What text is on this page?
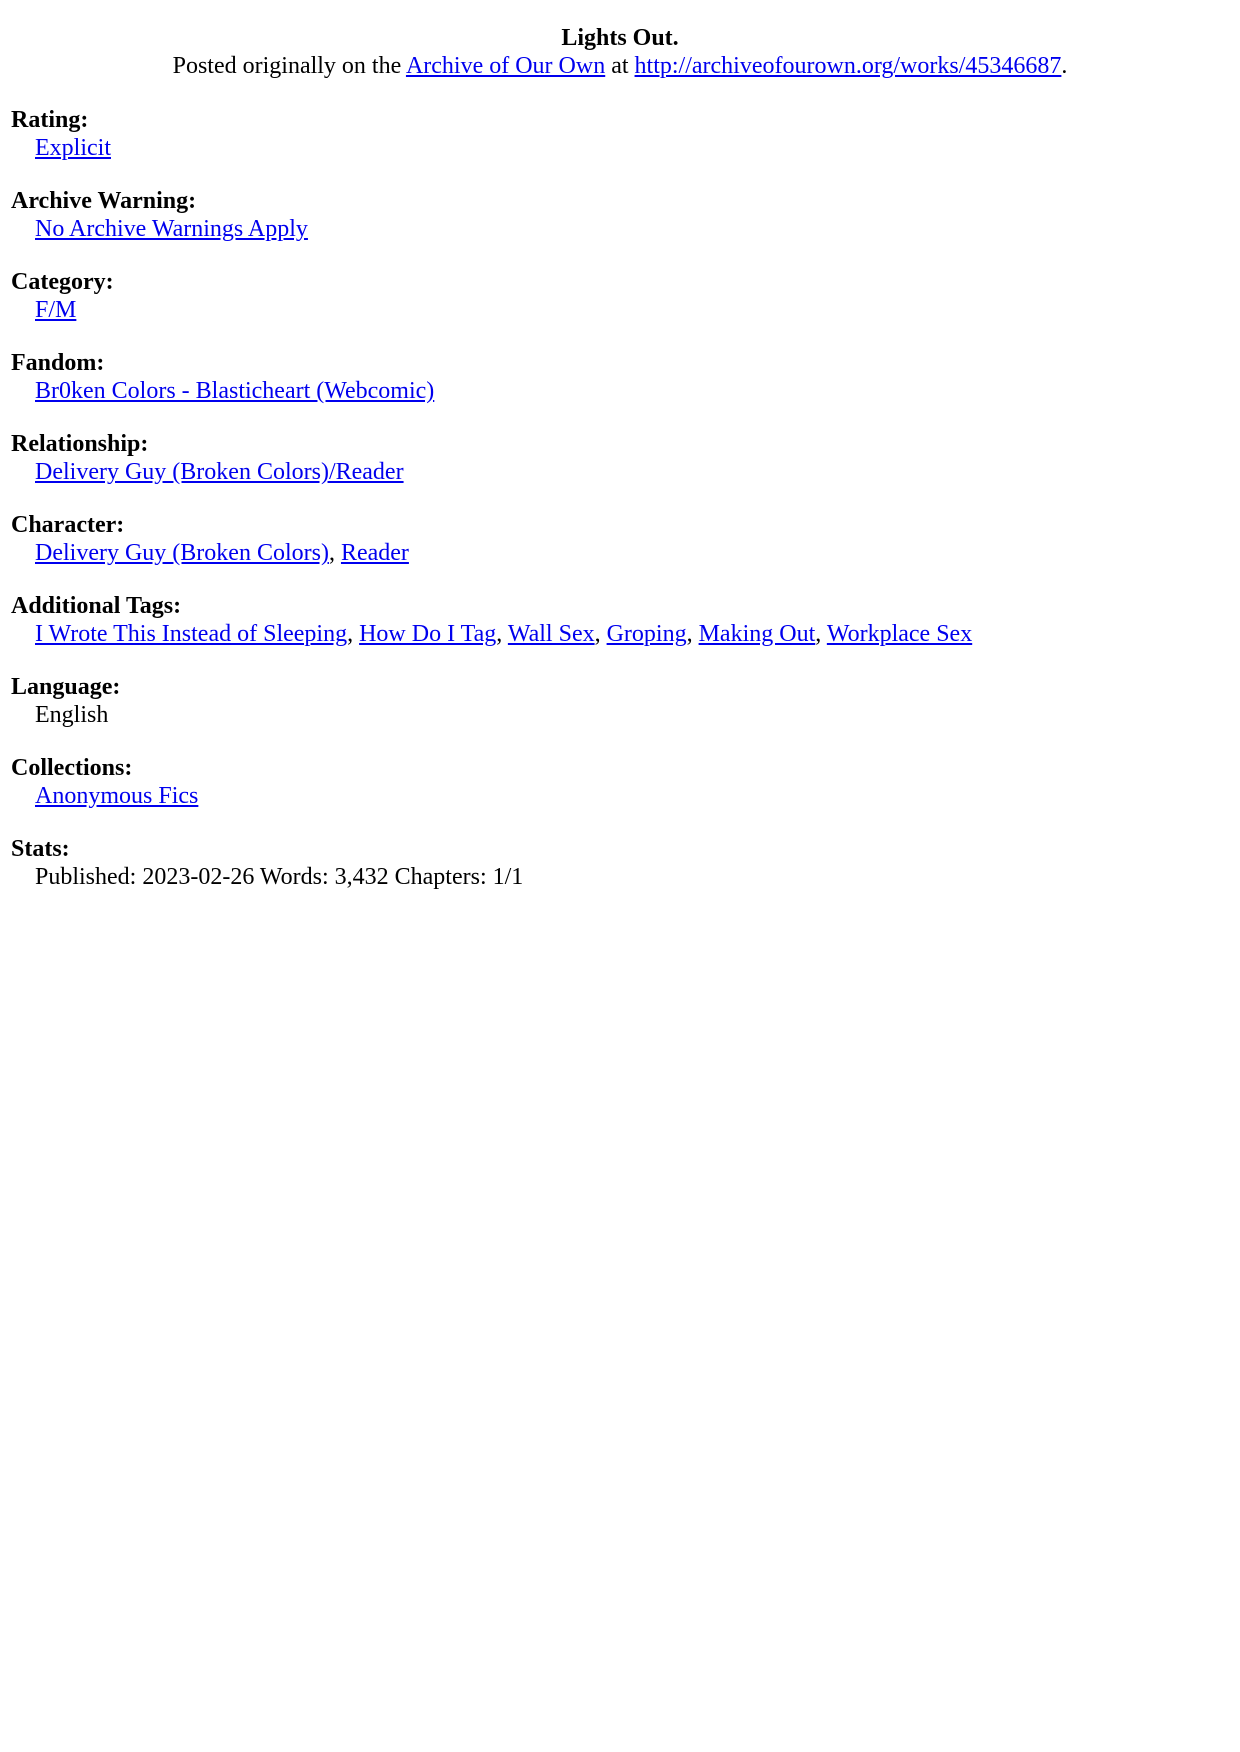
Lights Out.
Posted originally on the Archive of Our Own at http://archiveofourown.org/works/45346687.
Rating:
Explicit
Archive Warning:
No Archive Warnings Apply
Category:
F/M
Fandom:
Br0ken Colors - Blasticheart (Webcomic)
Relationship:
Delivery Guy (Broken Colors)/Reader
Character:
Delivery Guy (Broken Colors), Reader
Additional Tags:
I Wrote This Instead of Sleeping, How Do I Tag, Wall Sex, Groping, Making Out, Workplace Sex
Language:
English
Collections:
Anonymous Fics
Stats:
Published: 2023-02-26 Words: 3,432 Chapters: 1/1
